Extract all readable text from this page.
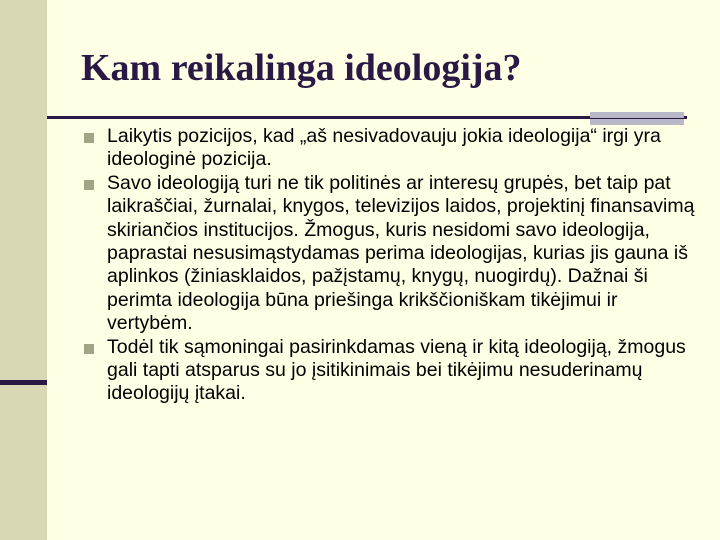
Kam reikalinga ideologija?
Laikytis pozicijos, kad „aš nesivadovauju jokia ideologija“ irgi yra ideologinė pozicija.
Savo ideologiją turi ne tik politinės ar interesų grupės, bet taip pat laikraščiai, žurnalai, knygos, televizijos laidos, projektinį finansavimą skiriančios institucijos. Žmogus, kuris nesidomi savo ideologija, paprastai nesusimąstydamas perima ideologijas, kurias jis gauna iš aplinkos (žiniasklaidos, pažįstamų, knygų, nuogirdų). Dažnai ši perimta ideologija būna priešinga krikščioniškam tikėjimui ir vertybėm.
Todėl tik sąmoningai pasirinkdamas vieną ir kitą ideologiją, žmogus gali tapti atsparus su jo įsitikinimais bei tikėjimu nesuderinamų ideologijų įtakai.
